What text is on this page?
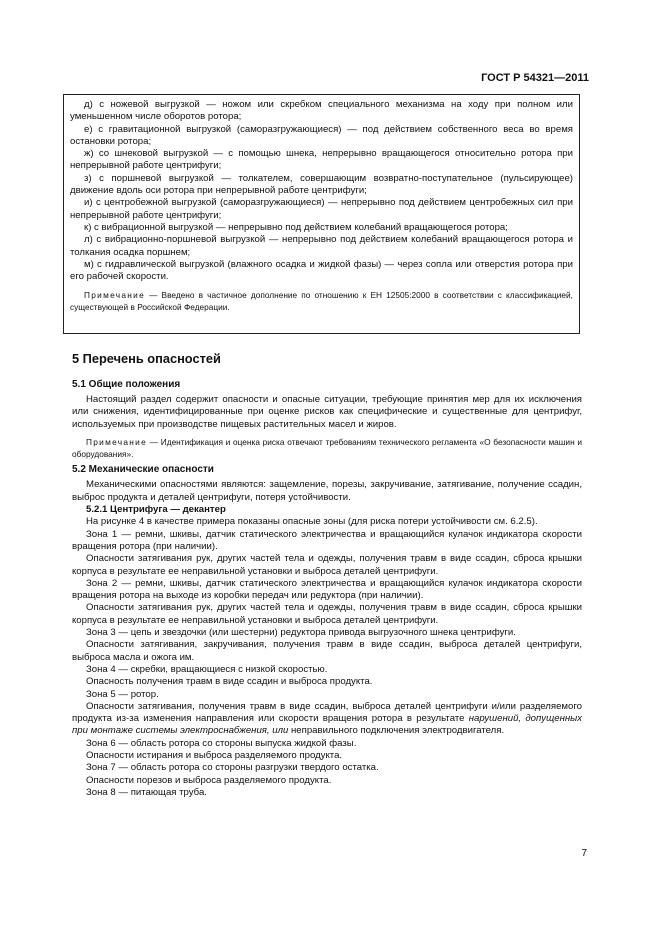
ГОСТ Р 54321—2011

д) с ножевой выгрузкой — ножом или скребком специального механизма на ходу при полном или уменьшенном числе оборотов ротора;

е) с гравитационной выгрузкой (саморазгружающиеся) — под действием собственного веса во время остановки ротора;

ж) со шнековой выгрузкой — с помощью шнека, непрерывно вращающегося относительно ротора при непрерывной работе центрифуги;

з) с поршневой выгрузкой — толкателем, совершающим возвратно-поступательное (пульсирующее) движение вдоль оси ротора при непрерывной работе центрифуги;

и) с центробежной выгрузкой (саморазгружающиеся) — непрерывно под действием центробежных сил при непрерывной работе центрифуги;

к) с вибрационной выгрузкой — непрерывно под действием колебаний вращающегося ротора;

л) с вибрационно-поршневой выгрузкой — непрерывно под действием колебаний вращающегося ротора и толкания осадка поршнем;

м) с гидравлической выгрузкой (влажного осадка и жидкой фазы) — через сопла или отверстия ротора при его рабочей скорости.

Примечание — Введено в частичное дополнение по отношению к ЕН 12505:2000 в соответствии с классификацией, существующей в Российской Федерации.

5 Перечень опасностей
5.1 Общие положения

Настоящий раздел содержит опасности и опасные ситуации, требующие принятия мер для их исключения или снижения, идентифицированные при оценке рисков как специфические и существенные для центрифуг, используемых при производстве пищевых растительных масел и жиров.

Примечание — Идентификация и оценка риска отвечают требованиям технического регламента «О безопасности машин и оборудования».

5.2 Механические опасности

Механическими опасностями являются: защемление, порезы, закручивание, затягивание, получение ссадин, выброс продукта и деталей центрифуги, потеря устойчивости.

5.2.1 Центрифуга — декантер

На рисунке 4 в качестве примера показаны опасные зоны (для риска потери устойчивости см. 6.2.5).

Зона 1 — ремни, шкивы, датчик статического электричества и вращающийся кулачок индикатора скорости вращения ротора (при наличии).

Опасности затягивания рук, других частей тела и одежды, получения травм в виде ссадин, сброса крышки корпуса в результате ее неправильной установки и выброса деталей центрифуги.

Зона 2 — ремни, шкивы, датчик статического электричества и вращающийся кулачок индикатора скорости вращения ротора на выходе из коробки передач или редуктора (при наличии).

Опасности затягивания рук, других частей тела и одежды, получения травм в виде ссадин, сброса крышки корпуса в результате ее неправильной установки и выброса деталей центрифуги.

Зона 3 — цепь и звездочки (или шестерни) редуктора привода выгрузочного шнека центрифуги.

Опасности затягивания, закручивания, получения травм в виде ссадин, выброса деталей центрифуги, выброса масла и ожога им.

Зона 4 — скребки, вращающиеся с низкой скоростью.

Опасность получения травм в виде ссадин и выброса продукта.

Зона 5 — ротор.

Опасности затягивания, получения травм в виде ссадин, выброса деталей центрифуги и/или разделяемого продукта из-за изменения направления или скорости вращения ротора в результате нарушений, допущенных при монтаже системы электроснабжения, или неправильного подключения электродвигателя.

Зона 6 — область ротора со стороны выпуска жидкой фазы.

Опасности истирания и выброса разделяемого продукта.

Зона 7 — область ротора со стороны разгрузки твердого остатка.

Опасности порезов и выброса разделяемого продукта.

Зона 8 — питающая труба.

7
